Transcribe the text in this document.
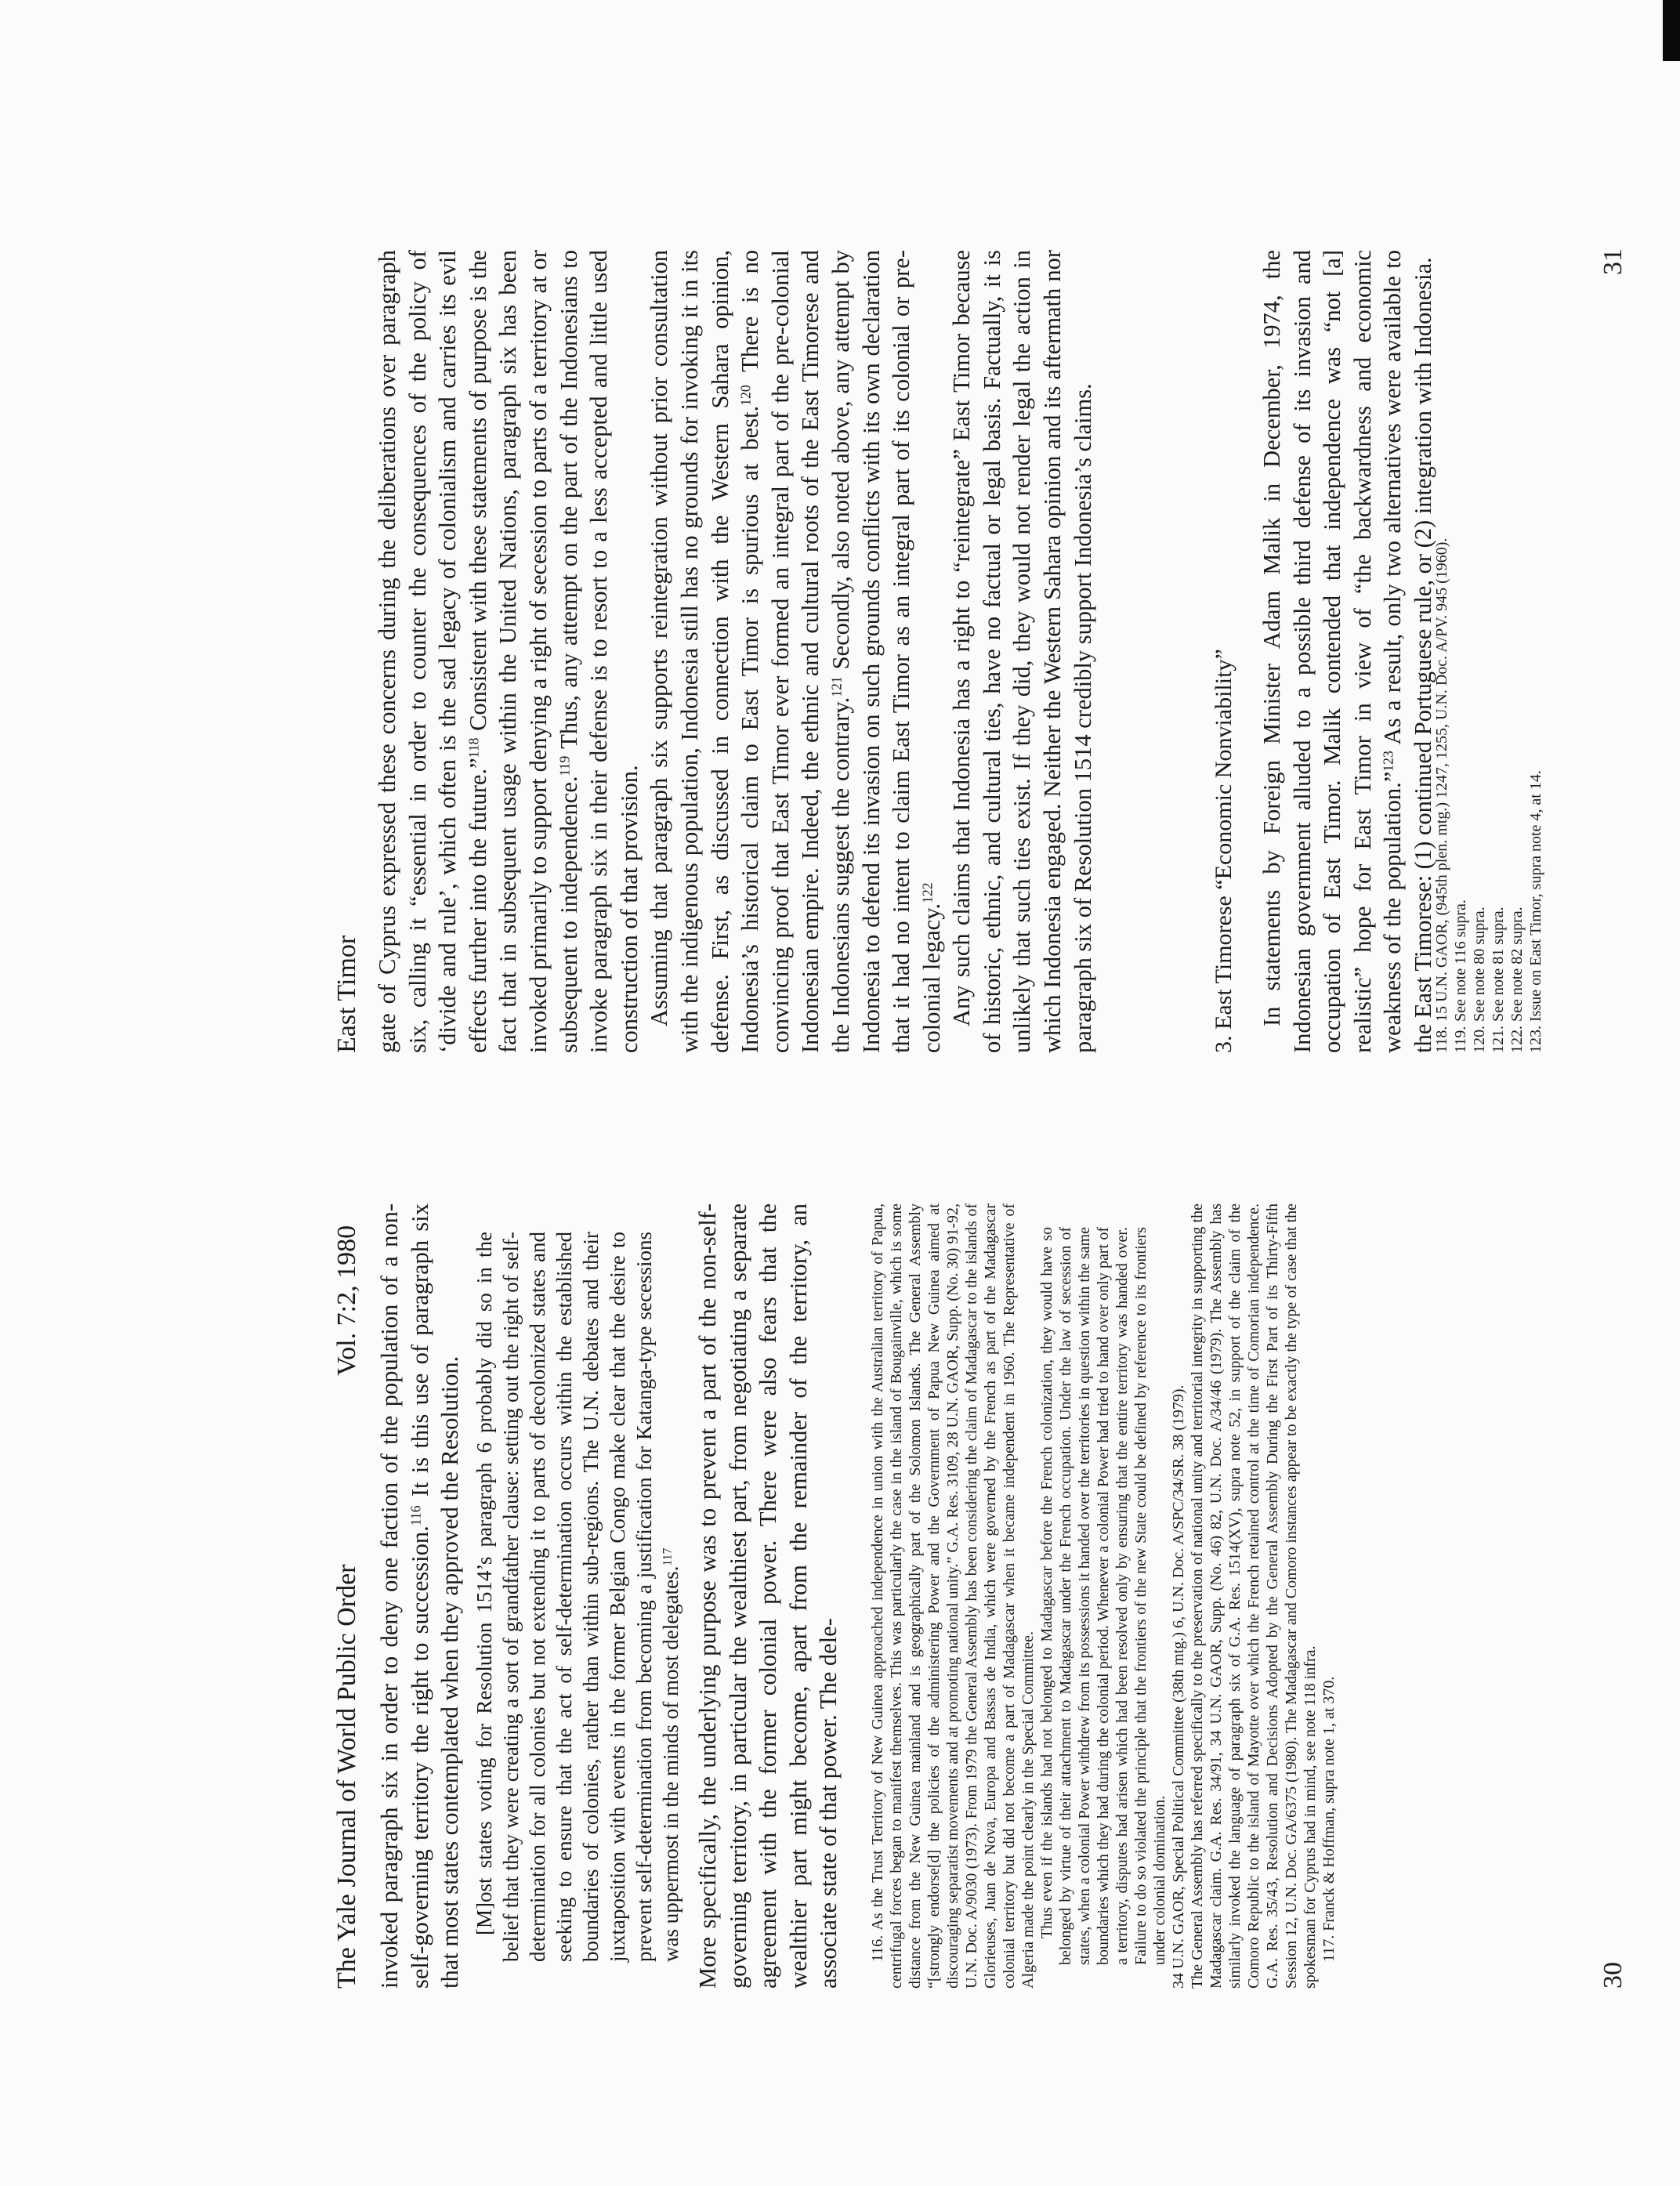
The Yale Journal of World Public Order
Vol. 7:2, 1980 invoked paragraph six in order to deny one faction of the population of a non-self-governing territory the right to succession.$^{116}$ It is this use of paragraph six that most states contemplated when they approved the Resolution. [M]ost states voting for Resolution 1514’s paragraph 6 probably did so in the belief that they were creating a sort of grandfather clause: setting out the right of self-determination for all colonies but not extending it to parts of decolonized states and seeking to ensure that the act of self-determination occurs within the established boundaries of colonies, rather than within sub-regions. The U.N. debates and their juxtaposition with events in the former Belgian Congo make clear that the desire to prevent self-determination from becoming a justification for Katanga-type secessions was uppermost in the minds of most delegates.$^{117}$ More specifically, the underlying purpose was to prevent a part of the non-self-governing territory, in particular the wealthiest part, from negotiating a separate agreement with the former colonial power. There were also fears that the wealthier part might become, apart from the remainder of the territory, an associate state of that power. The dele- 116. As the Trust Territory of New Guinea approached independence in union with the Australian territory of Papua, centrifugal forces began to manifest themselves. This was particularly the case in the island of Bougainville, which is some distance from the New Guinea mainland and is geographically part of the Solomon Islands. The General Assembly “[strongly endorse[d] the policies of the administering Power and the Government of Papua New Guinea aimed at discouraging separatist movements and at promoting national unity.” G.A. Res. 3109, 28 U.N. GAOR, Supp. (No. 30) 91-92, U.N. Doc. A/9030 (1973). From 1979 the General Assembly has been considering the claim of Madagascar to the islands of Glorieuses, Juan de Nova, Europa and Bassas de India, which were governed by the French as part of the Madagascar colonial territory but did not become a part of Madagascar when it became independent in 1960. The Representative of Algeria made the point clearly in the Special Committee. Thus even if the islands had not belonged to Madagascar before the French colonization, they would have so belonged by virtue of their attachment to Madagascar under the French occupation. Under the law of secession of states, when a colonial Power withdrew from its possessions it handed over the territories in question within the same boundaries which they had during the colonial period. Whenever a colonial Power had tried to hand over only part of a territory, disputes had arisen which had been resolved only by ensuring that the entire territory was handed over. Failure to do so violated the principle that the frontiers of the new State could be defined by reference to its frontiers under colonial domination. 34 U.N. GAOR, Special Political Committee (38th mtg.) 6, U.N. Doc. A/SPC/34/SR. 38 (1979). The General Assembly has referred specifically to the preservation of national unity and territorial integrity in supporting the Madagascar claim. G.A. Res. 34/91, 34 U.N. GAOR, Supp. (No. 46) 82, U.N. Doc. A/34/46 (1979). The Assembly has similarly invoked the language of paragraph six of G.A. Res. 1514(XV), supra note 52, in support of the claim of the Comoro Republic to the island of Mayotte over which the French retained control at the time of Comorian independence. G.A. Res. 35/43, Resolution and Decisions Adopted by the General Assembly During the First Part of its Thirty-Fifth Session 12, U.N. Doc. GA/6375 (1980). The Madagascar and Comoro instances appear to be exactly the type of case that the spokesman for Cyprus had in mind, see note 118 infra. 117. Franck & Hoffman, supra note 1, at 370.

30
East Timor gate of Cyprus expressed these concerns during the deliberations over paragraph six, calling it “essential in order to counter the consequences of the policy of ‘divide and rule’, which often is the sad legacy of colonialism and carries its evil effects further into the future.”$^{118}$ Consistent with these statements of purpose is the fact that in subsequent usage within the United Nations, paragraph six has been invoked primarily to support denying a right of secession to parts of a territory at or subsequent to independence.$^{119}$ Thus, any attempt on the part of the Indonesians to invoke paragraph six in their defense is to resort to a less accepted and little used construction of that provision. Assuming that paragraph six supports reintegration without prior consultation with the indigenous population, Indonesia still has no grounds for invoking it in its defense. First, as discussed in connection with the Western Sahara opinion, Indonesia’s historical claim to East Timor is spurious at best.$^{120}$ There is no convincing proof that East Timor ever formed an integral part of the pre-colonial Indonesian empire. Indeed, the ethnic and cultural roots of the East Timorese and the Indonesians suggest the contrary.$^{121}$ Secondly, also noted above, any attempt by Indonesia to defend its invasion on such grounds conflicts with its own declaration that it had no intent to claim East Timor as an integral part of its colonial or pre-colonial legacy.$^{122}$ Any such claims that Indonesia has a right to “reintegrate” East Timor because of historic, ethnic, and cultural ties, have no factual or legal basis. Factually, it is unlikely that such ties exist. If they did, they would not render legal the action in which Indonesia engaged. Neither the Western Sahara opinion and its aftermath nor paragraph six of Resolution 1514 credibly support Indonesia’s claims.	3. East Timorese “Economic Nonviability” In statements by Foreign Minister Adam Malik in December, 1974, the Indonesian government alluded to a possible third defense of its invasion and occupation of East Timor. Malik contended that independence was “not [a] realistic” hope for East Timor in view of “the backwardness and economic weakness of the population.”$^{123}$ As a result, only two alternatives were available to the East Timorese: (1) continued Portuguese rule, or (2) integration with Indonesia.

118.
15 U.N. GAOR, (945th plen. mtg.) 1247, 1255, U.N. Doc. A/PV. 945 (1960).
119.
See note 116 supra.
120.
See note 80 supra.
121.
See note 81 supra.
122.
See note 82 supra.
123.
Issue on East Timor, supra note 4, at 14.
31
